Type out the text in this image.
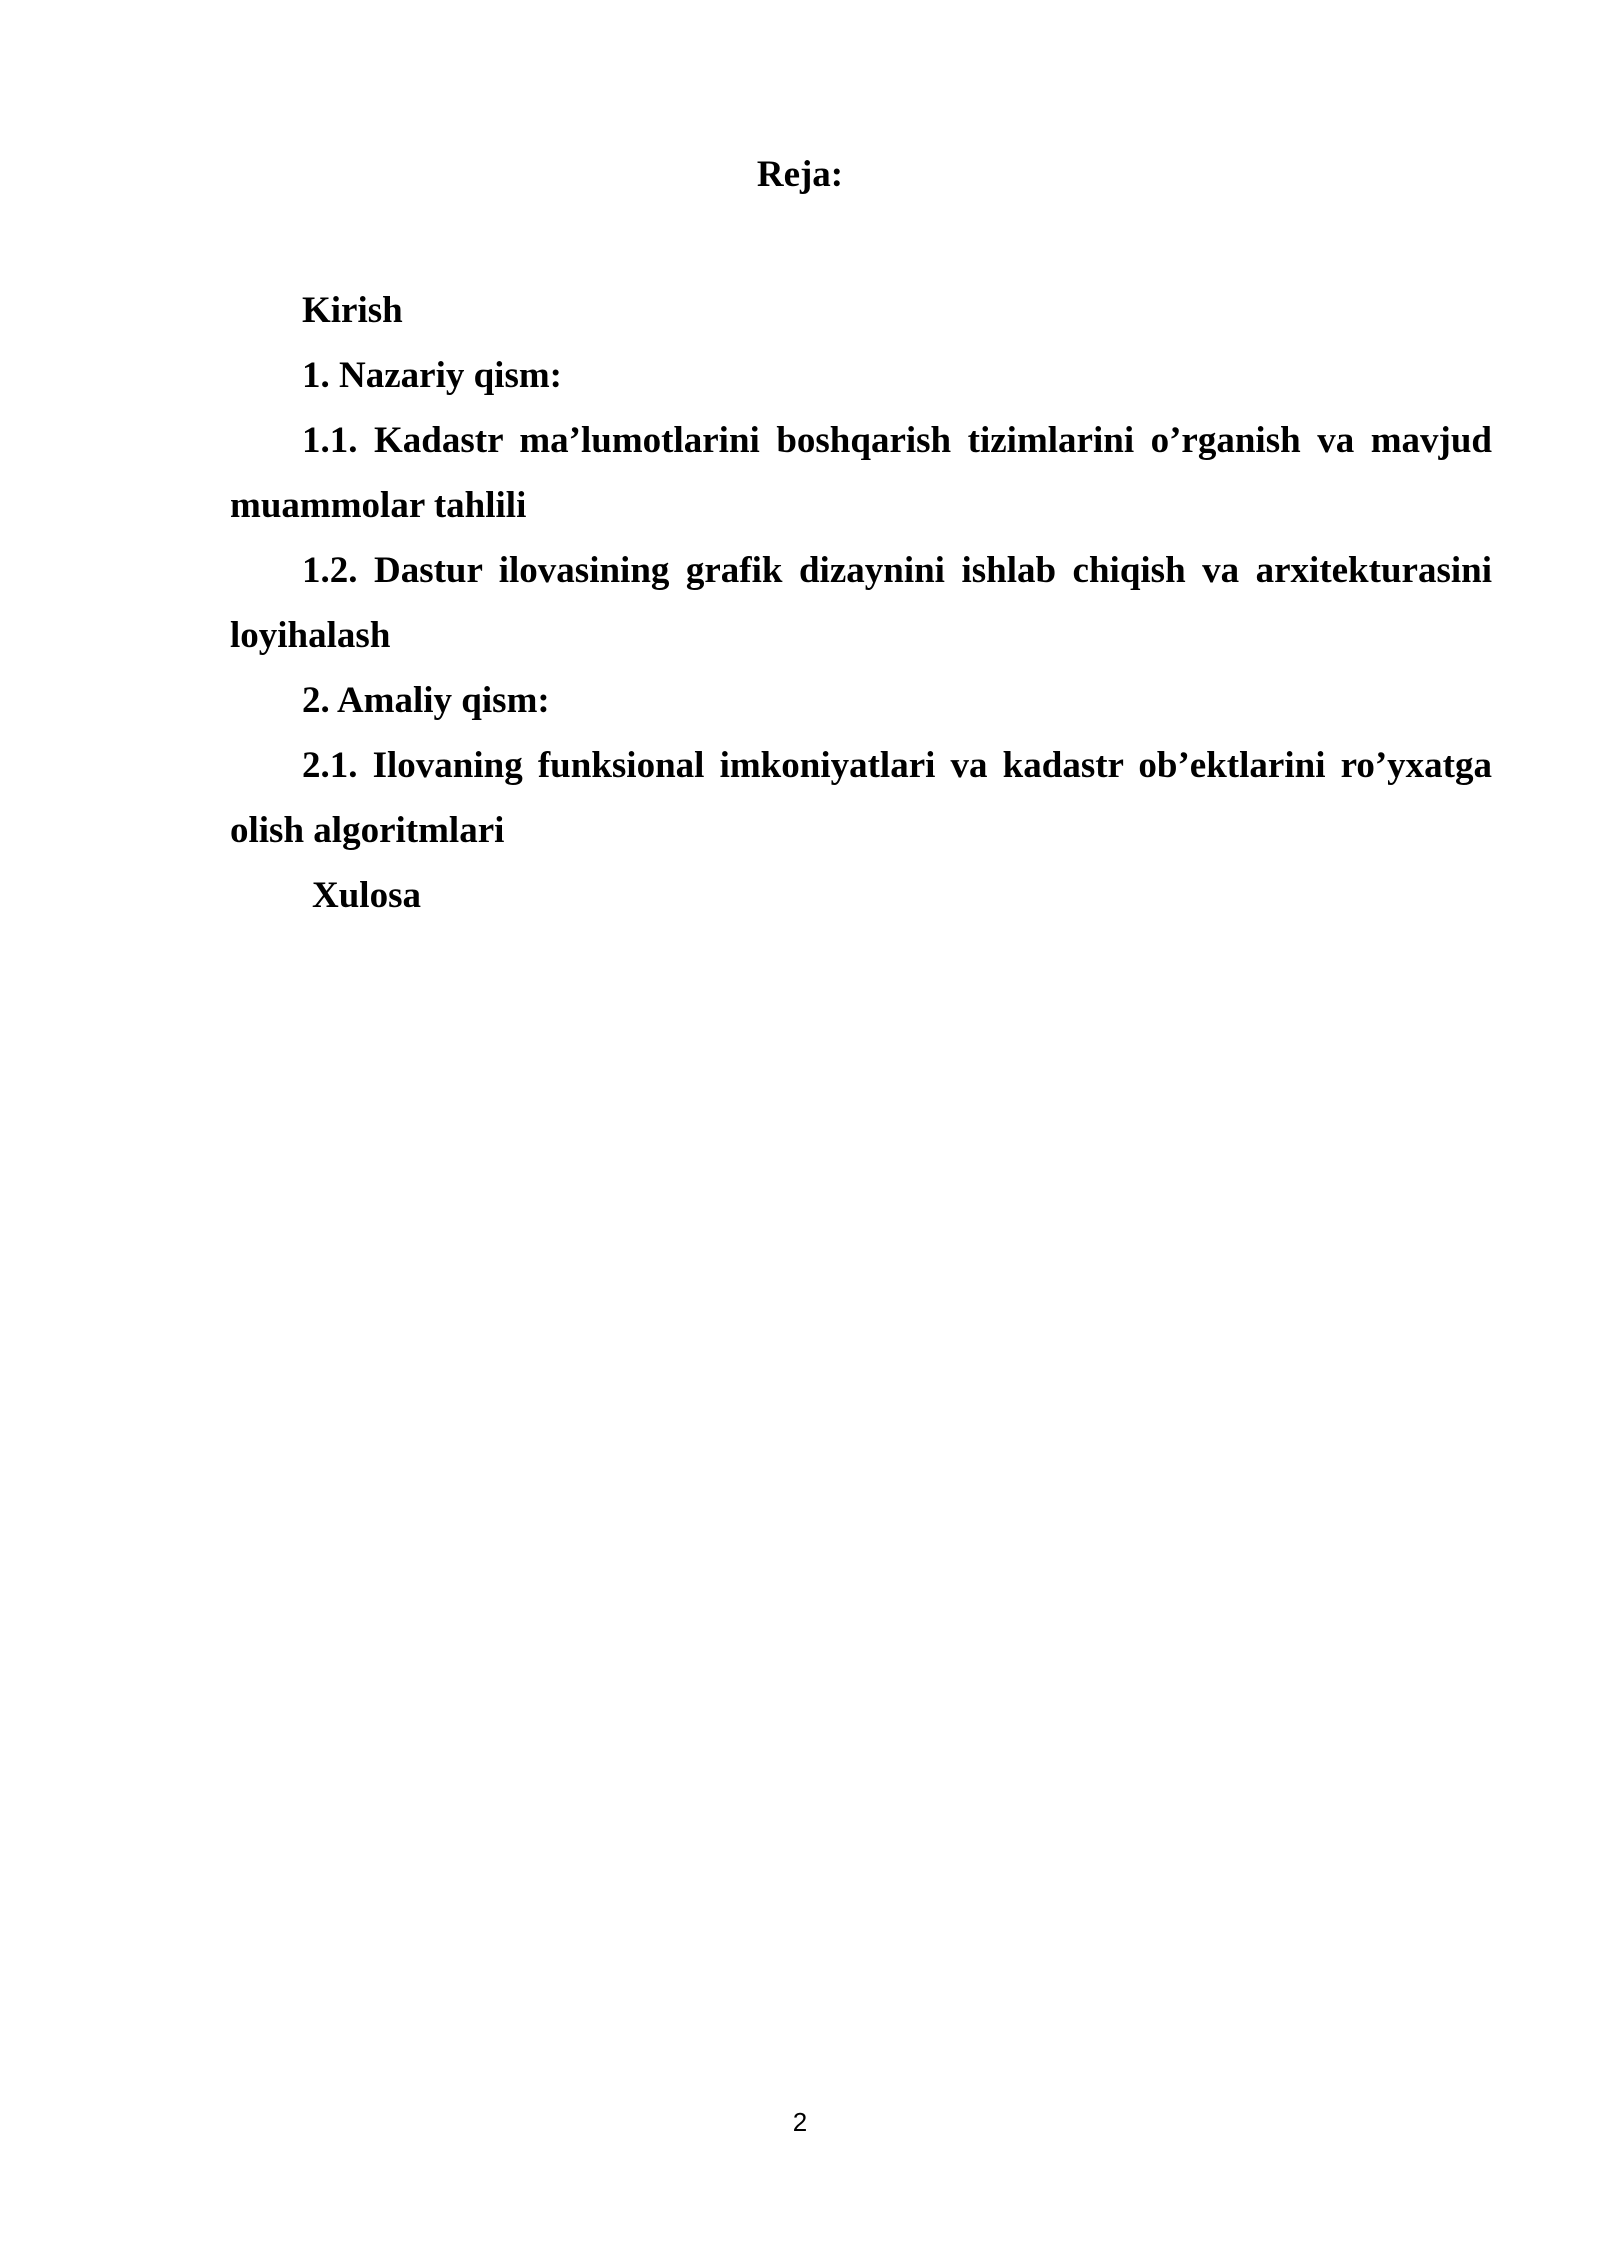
Reja:
Kirish
1. Nazariy qism:
1.1. Kadastr ma’lumotlarini boshqarish tizimlarini o’rganish va mavjud
muammolar tahlili
1.2. Dastur ilovasining grafik dizaynini ishlab chiqish va arxitekturasini
loyihalash
2. Amaliy qism:
2.1. Ilovaning funksional imkoniyatlari va kadastr ob’ektlarini ro’yxatga
olish algoritmlari
Xulosa
2
